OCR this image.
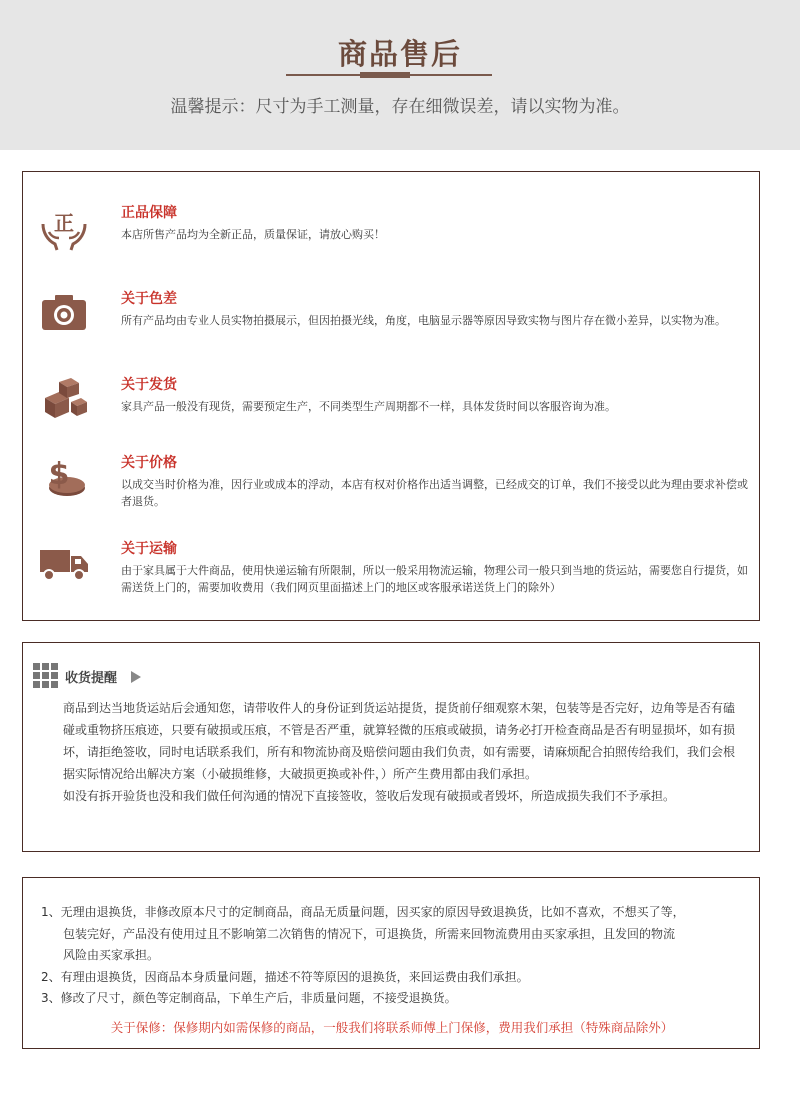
商品售后
温馨提示：尺寸为手工测量，存在细微误差，请以实物为准。
正	正品保障
本店所售产品均为全新正品，质量保证，请放心购买！
关于色差
所有产品均由专业人员实物拍摄展示，但因拍摄光线，角度，电脑显示器等原因导致实物与图片存在微小差异，以实物为准。
关于发货
家具产品一般没有现货，需要预定生产，不同类型生产周期都不一样，具体发货时间以客服咨询为准。
$	关于价格
以成交当时价格为准，因行业或成本的浮动，本店有权对价格作出适当调整，已经成交的订单，我们不接受以此为理由要求补偿或者退货。
关于运输
由于家具属于大件商品，使用快递运输有所限制，所以一般采用物流运输，物理公司一般只到当地的货运站，需要您自行提货，如需送货上门的，需要加收费用（我们网页里面描述上门的地区或客服承诺送货上门的除外）
收货提醒
商品到达当地货运站后会通知您，请带收件人的身份证到货运站提货，提货前仔细观察木架，包装等是否完好，边角等是否有磕碰或重物挤压痕迹，只要有破损或压痕，不管是否严重，就算轻微的压痕或破损，请务必打开检查商品是否有明显损坏，如有损坏，请拒绝签收，同时电话联系我们，所有和物流协商及赔偿问题由我们负责，如有需要，请麻烦配合拍照传给我们，我们会根据实际情况给出解决方案（小破损维修，大破损更换或补件，）所产生费用都由我们承担。
如没有拆开验货也没和我们做任何沟通的情况下直接签收，签收后发现有破损或者毁坏，所造成损失我们不予承担。

1、无理由退换货，非修改原本尺寸的定制商品，商品无质量问题，因买家的原因导致退换货，比如不喜欢，不想买了等，

包装完好，产品没有使用过且不影响第二次销售的情况下，可退换货，所需来回物流费用由买家承担，且发回的物流

风险由买家承担。

2、有理由退换货，因商品本身质量问题，描述不符等原因的退换货，来回运费由我们承担。

3、修改了尺寸，颜色等定制商品，下单生产后，非质量问题，不接受退换货。

关于保修：保修期内如需保修的商品，一般我们将联系师傅上门保修，费用我们承担（特殊商品除外）
